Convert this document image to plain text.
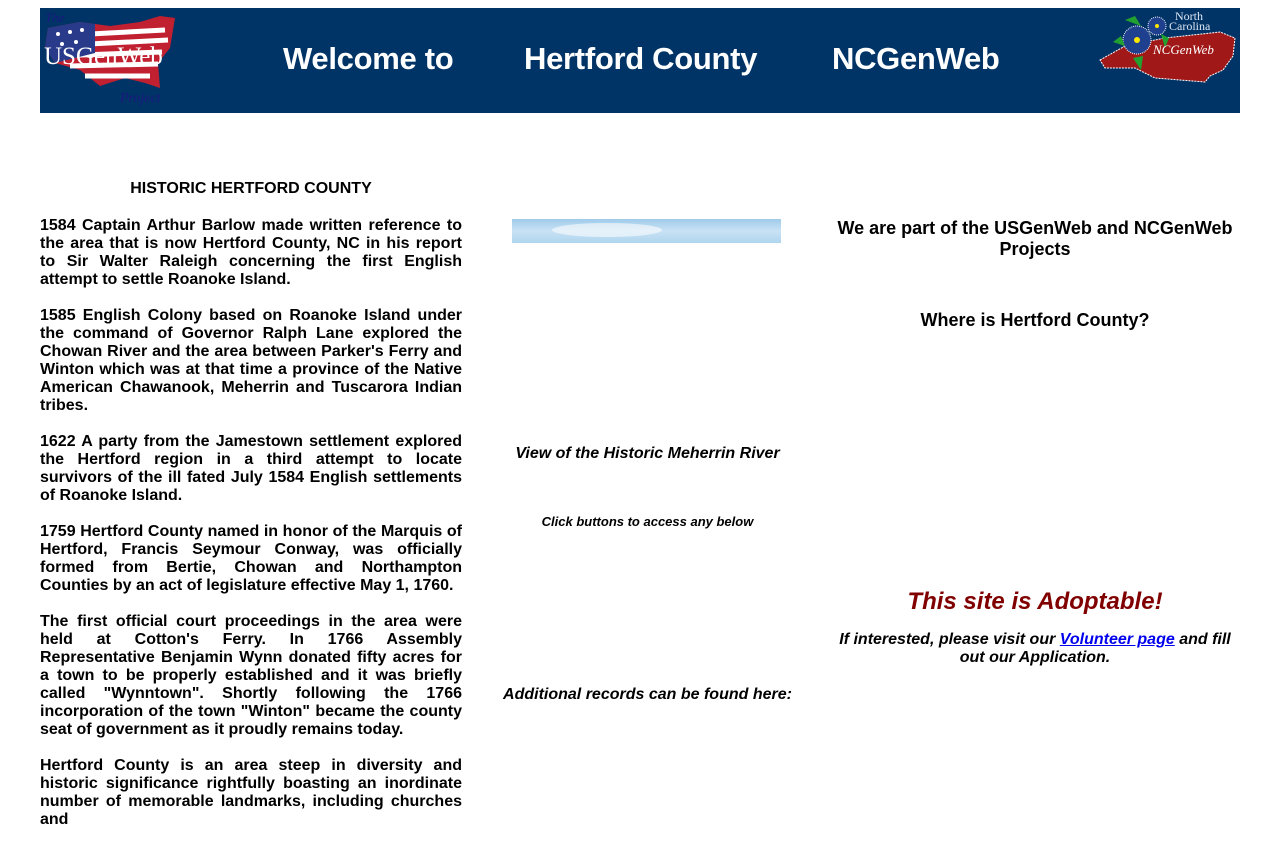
The
USGenWeb
Project
Welcome to Hertford County NCGenWeb
North
Carolina
NCGenWeb
HISTORIC HERTFORD COUNTY

1584 Captain Arthur Barlow made written reference to the area that is now Hertford County, NC in his report to Sir Walter Raleigh concerning the first English attempt to settle Roanoke Island.

1585 English Colony based on Roanoke Island under the command of Governor Ralph Lane explored the Chowan River and the area between Parker's Ferry and Winton which was at that time a province of the Native American Chawanook, Meherrin and Tuscarora Indian tribes.

1622 A party from the Jamestown settlement explored the Hertford region in a third attempt to locate survivors of the ill fated July 1584 English settlements of Roanoke Island.

1759 Hertford County named in honor of the Marquis of Hertford, Francis Seymour Conway, was officially formed from Bertie, Chowan and Northampton Counties by an act of legislature effective May 1, 1760.

The first official court proceedings in the area were held at Cotton's Ferry. In 1766 Assembly Representative Benjamin Wynn donated fifty acres for a town to be properly established and it was briefly called "Wynntown". Shortly following the 1766 incorporation of the town "Winton" became the county seat of government as it proudly remains today.

Hertford County is an area steep in diversity and historic significance rightfully boasting an inordinate number of memorable landmarks, including churches and

View of the Historic Meherrin River
Click buttons to access any below
Additional records can be found here:
We are part of the USGenWeb and NCGenWeb Projects
Where is Hertford County?
This site is Adoptable!
If interested, please visit our Volunteer page and fill out our Application.
